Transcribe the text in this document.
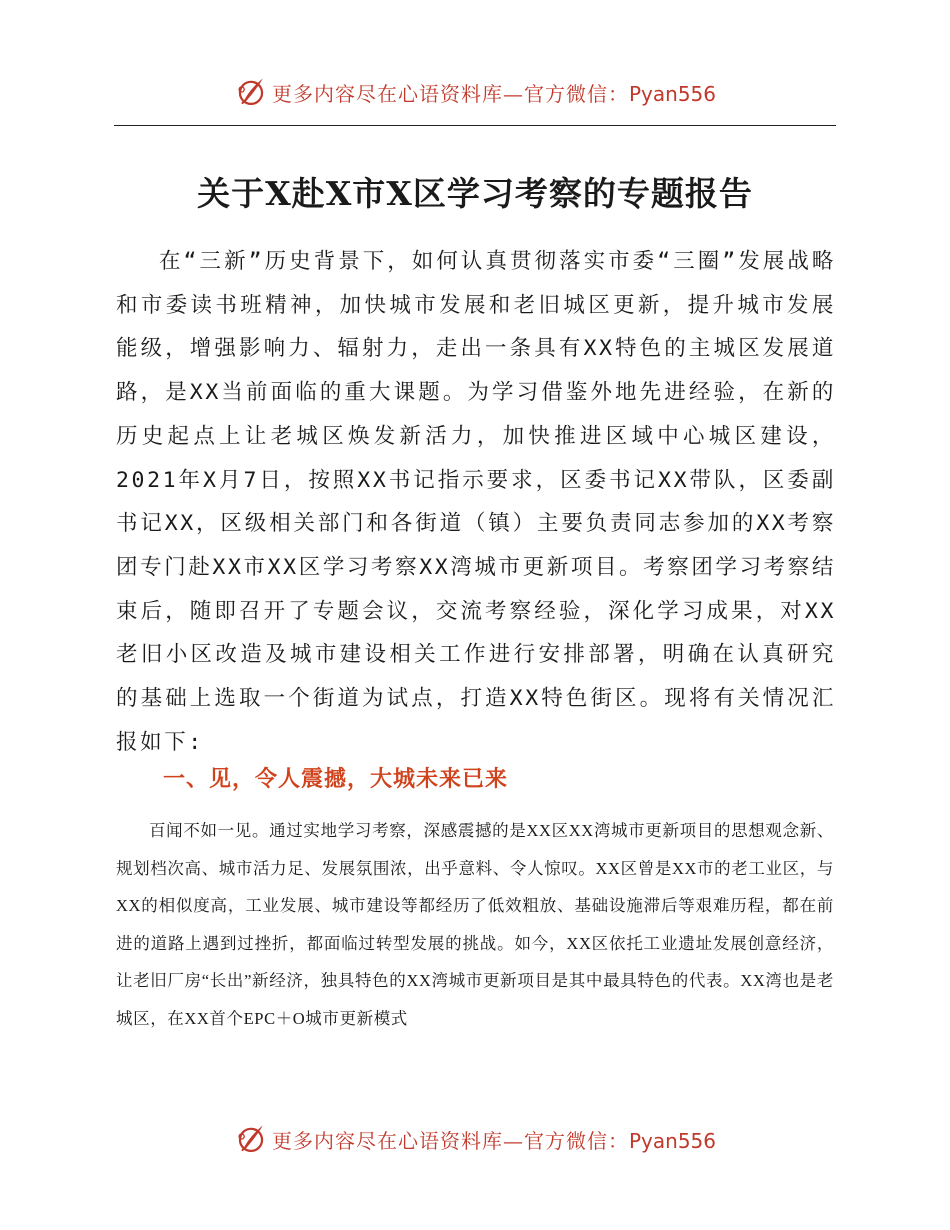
更多内容尽在心语资料库—官方微信：Pyan556
关于X赴X市X区学习考察的专题报告

在“三新”历史背景下，如何认真贯彻落实市委“三圈”发展战略和市委读书班精神，加快城市发展和老旧城区更新，提升城市发展能级，增强影响力、辐射力，走出一条具有XX特色的主城区发展道路，是XX当前面临的重大课题。为学习借鉴外地先进经验，在新的历史起点上让老城区焕发新活力，加快推进区域中心城区建设，2021年X月7日，按照XX书记指示要求，区委书记XX带队，区委副书记XX，区级相关部门和各街道（镇）主要负责同志参加的XX考察团专门赴XX市XX区学习考察XX湾城市更新项目。考察团学习考察结束后，随即召开了专题会议，交流考察经验，深化学习成果，对XX老旧小区改造及城市建设相关工作进行安排部署，明确在认真研究的基础上选取一个街道为试点，打造XX特色街区。现将有关情况汇报如下:

一、见，令人震撼，大城未来已来

百闻不如一见。通过实地学习考察，深感震撼的是XX区XX湾城市更新项目的思想观念新、规划档次高、城市活力足、发展氛围浓，出乎意料、令人惊叹。XX区曾是XX市的老工业区，与XX的相似度高，工业发展、城市建设等都经历了低效粗放、基础设施滞后等艰难历程，都在前进的道路上遇到过挫折，都面临过转型发展的挑战。如今，XX区依托工业遗址发展创意经济，让老旧厂房“长出”新经济，独具特色的XX湾城市更新项目是其中最具特色的代表。XX湾也是老城区，在XX首个EPC＋O城市更新模式

更多内容尽在心语资料库—官方微信：Pyan556
